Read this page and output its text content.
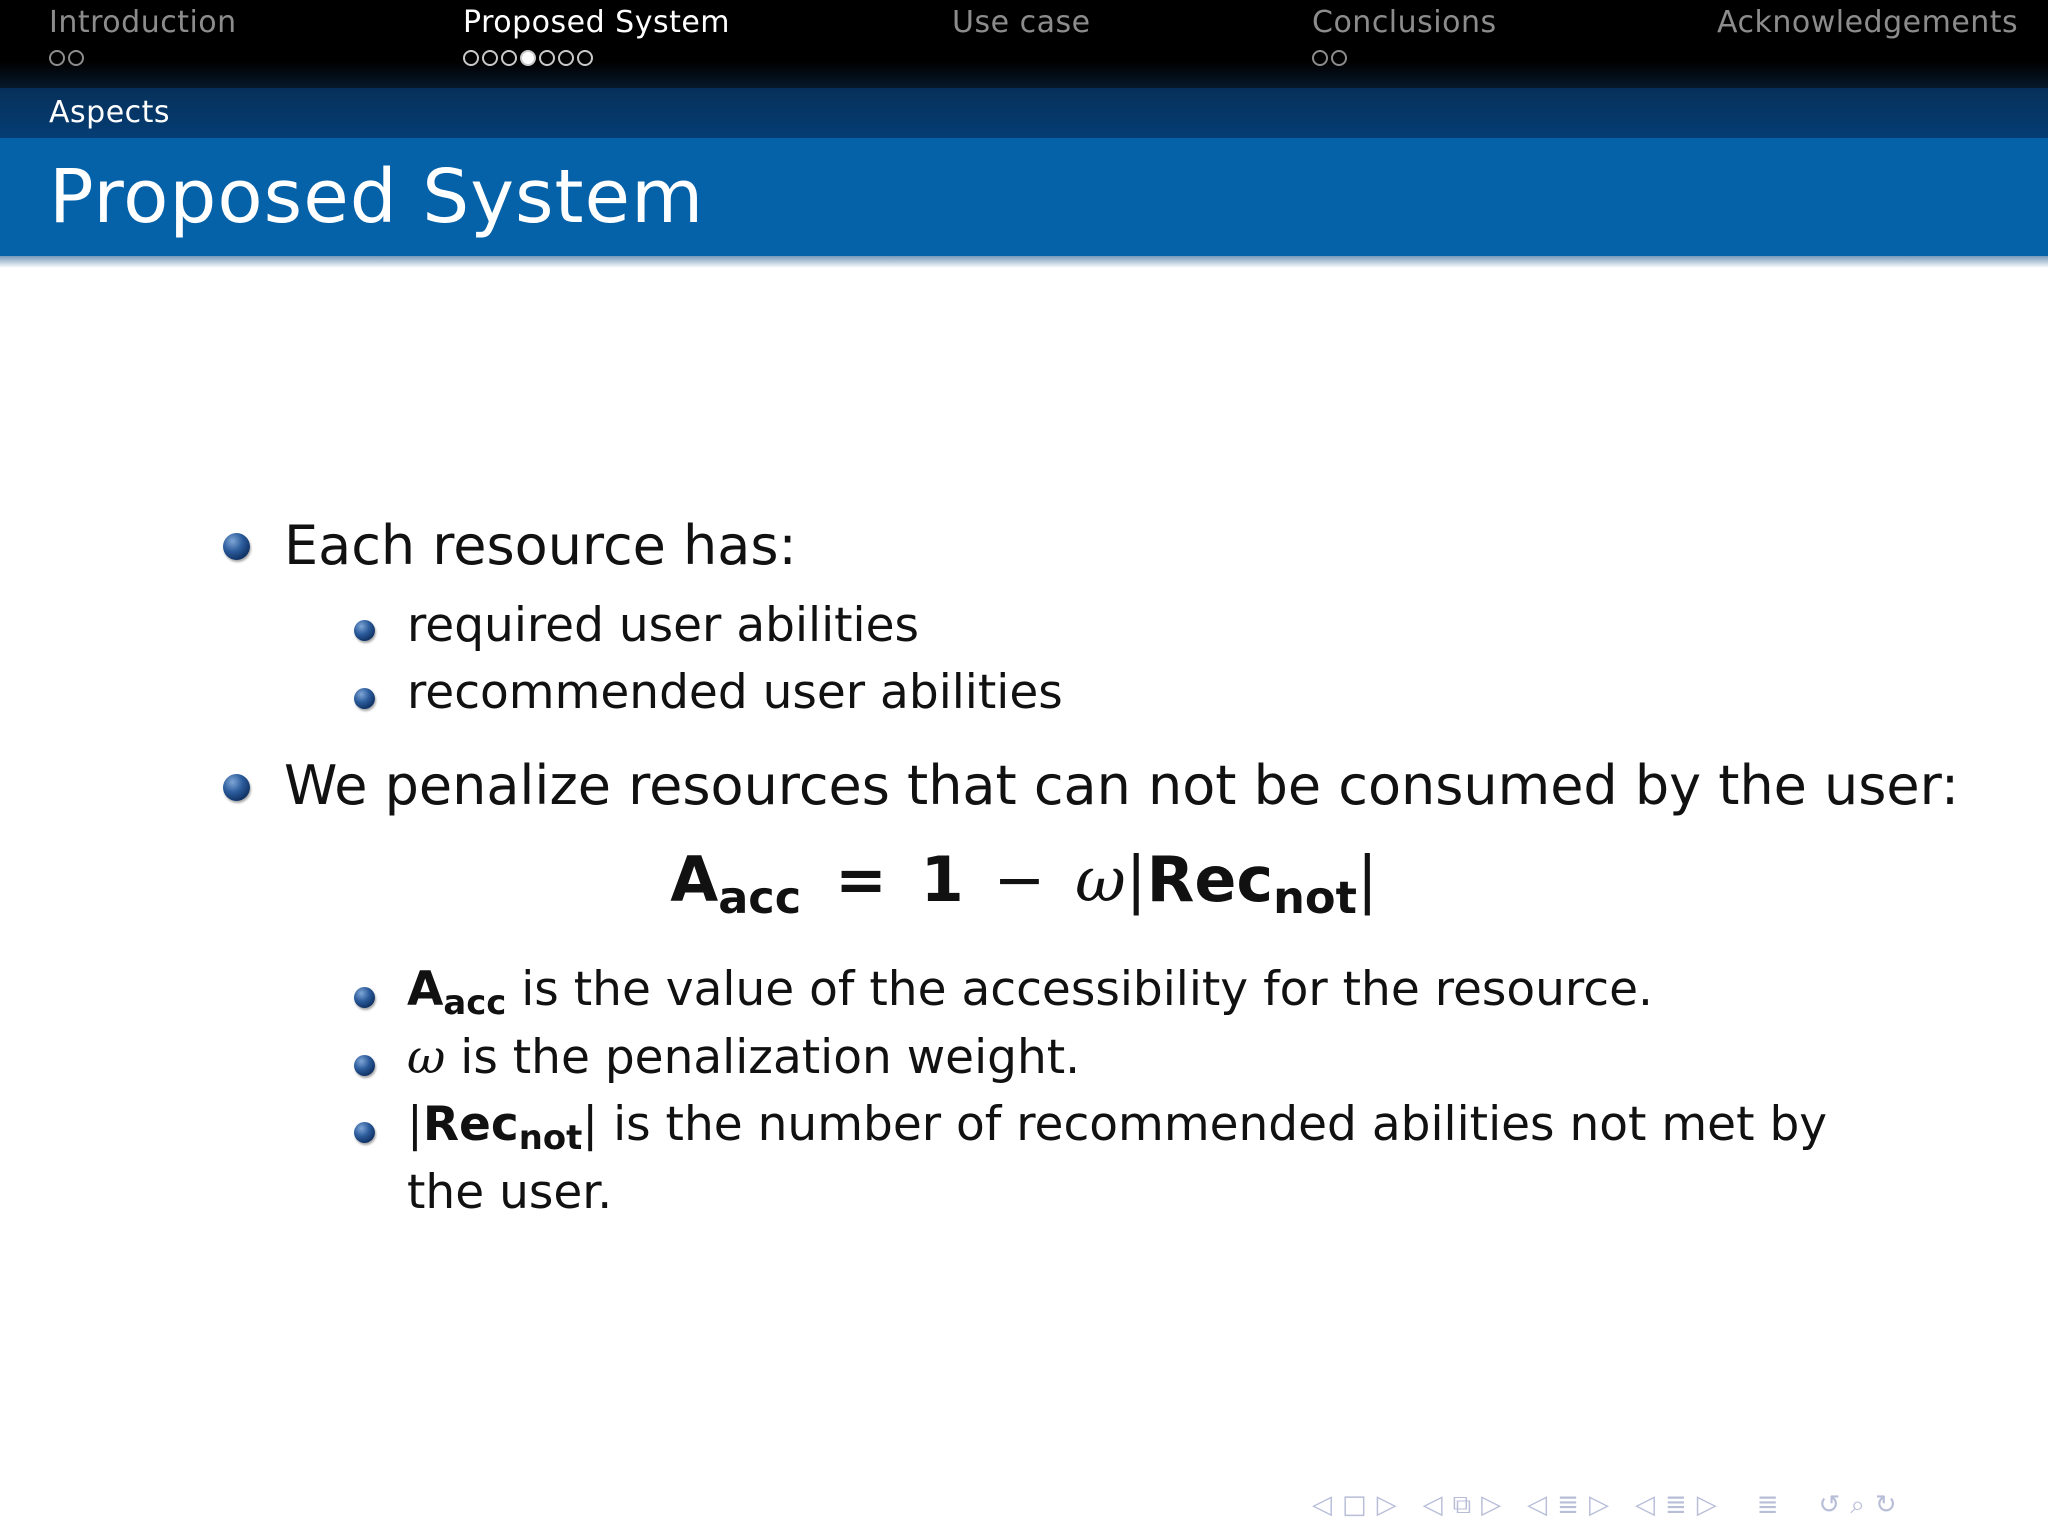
Introduction	Proposed System	Use case	Conclusions	Acknowledgements
Aspects
Proposed System
Each resource has:
required user abilities
recommended user abilities
We penalize resources that can not be consumed by the user:
$A_{acc} = 1 - \omega|Rec_{not}|$
$A_{acc}$ is the value of the accessibility for the resource.
ω is the penalization weight.
|Rec$_{not}$| is the number of recommended abilities not met by
the user.
◁ □ ▷ ◁ ⧉ ▷ ◁ ≣ ▷ ◁ ≣ ▷ ≣ ↺ ⌕ ↻
